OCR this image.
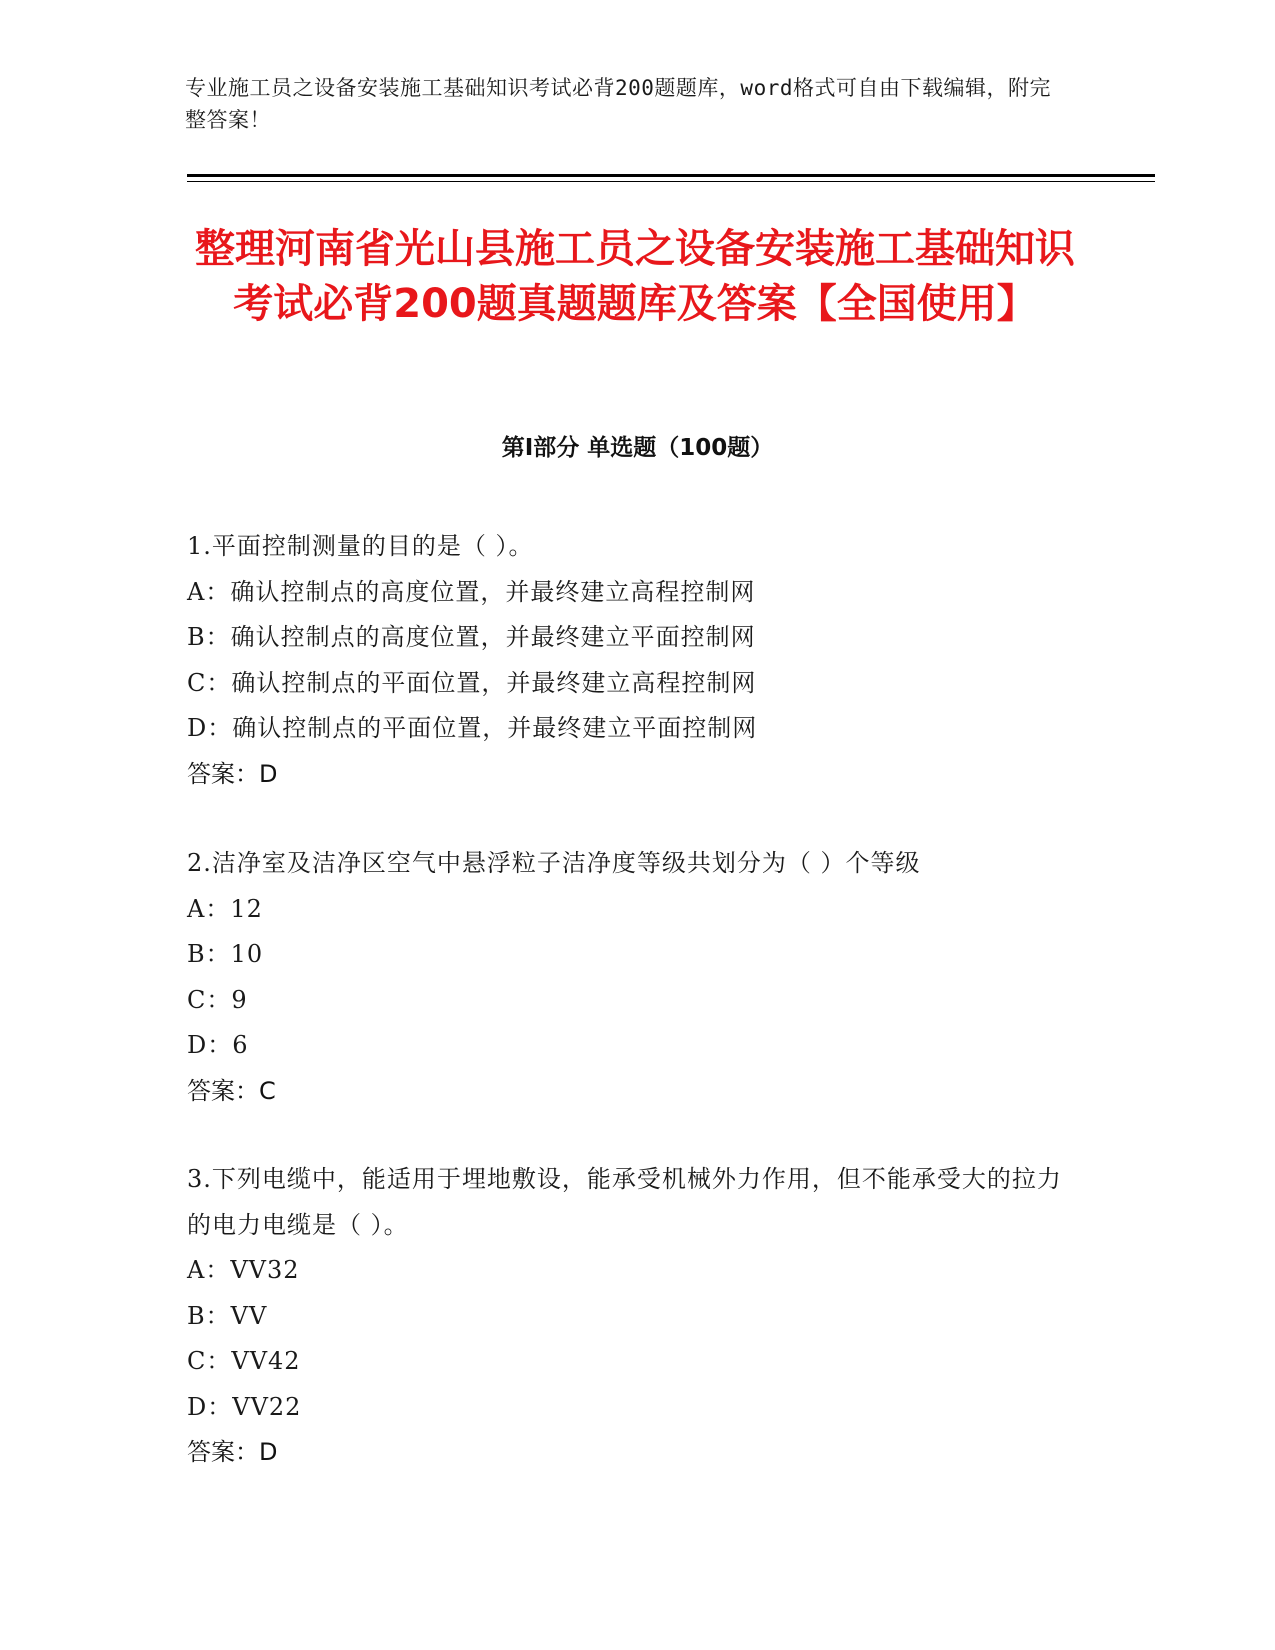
专业施工员之设备安装施工基础知识考试必背200题题库，word格式可自由下载编辑，附完整答案！
整理河南省光山县施工员之设备安装施工基础知识考试必背200题真题题库及答案【全国使用】
第Ⅰ部分 单选题（100题）
1.平面控制测量的目的是（ ）。
A：确认控制点的高度位置，并最终建立高程控制网
B：确认控制点的高度位置，并最终建立平面控制网
C：确认控制点的平面位置，并最终建立高程控制网
D：确认控制点的平面位置，并最终建立平面控制网
答案：D
2.洁净室及洁净区空气中悬浮粒子洁净度等级共划分为（ ）个等级
A：12
B：10
C：9
D：6
答案：C
3.下列电缆中，能适用于埋地敷设，能承受机械外力作用，但不能承受大的拉力的电力电缆是（ ）。
A：VV32
B：VV
C：VV42
D：VV22
答案：D
